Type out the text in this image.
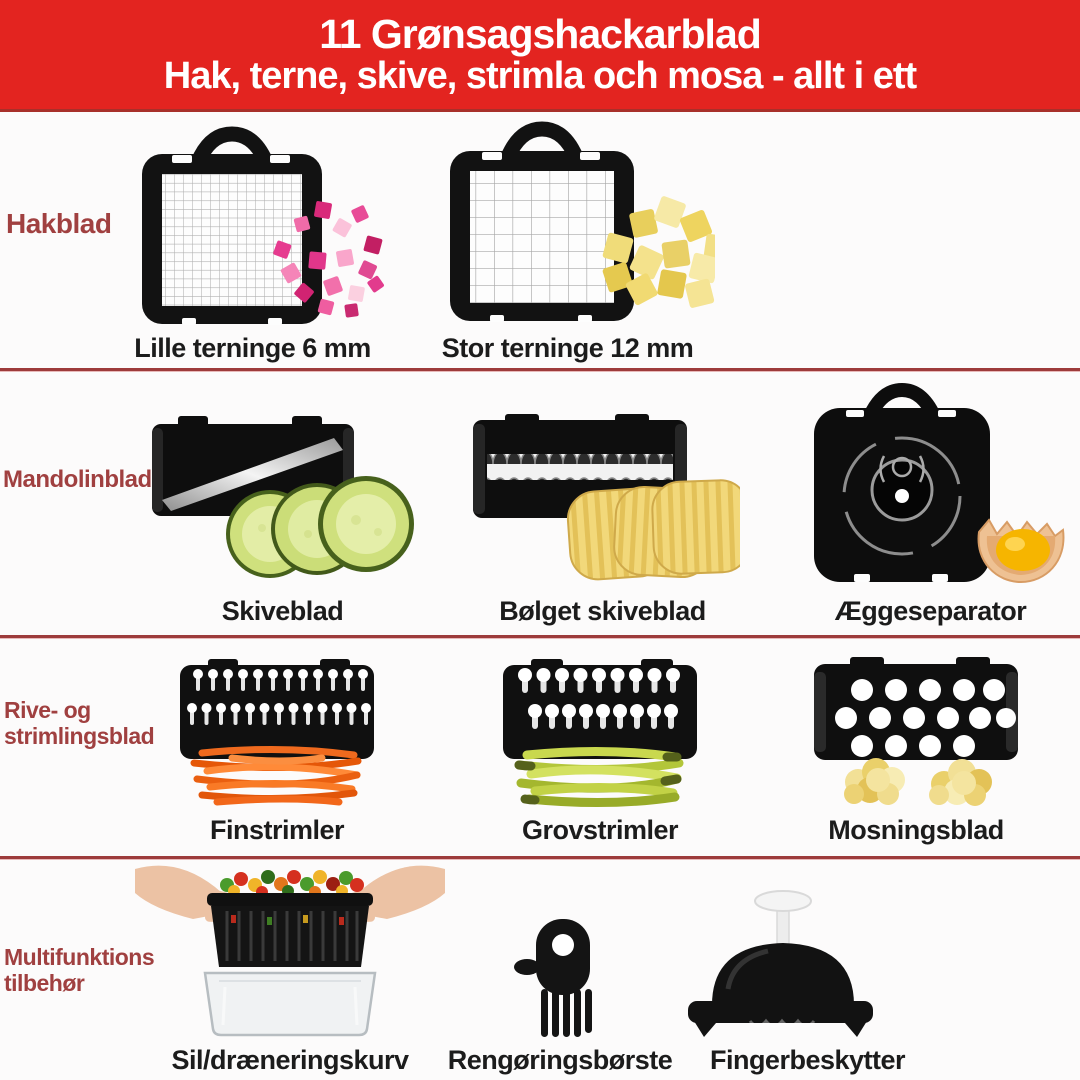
11 Grønsagshackarblad
Hak, terne, skive, strimla och mosa - allt i ett
Hakblad
Lille terninge 6 mm	Stor terninge 12 mm
Mandolinblad
Skiveblad	Bølget skiveblad	Æggeseparator
Rive- og strimlingsblad
Finstrimler	Grovstrimler	Mosningsblad
Multifunktions tilbehør
Sil/dræneringskurv Rengøringsbørste Fingerbeskytter
